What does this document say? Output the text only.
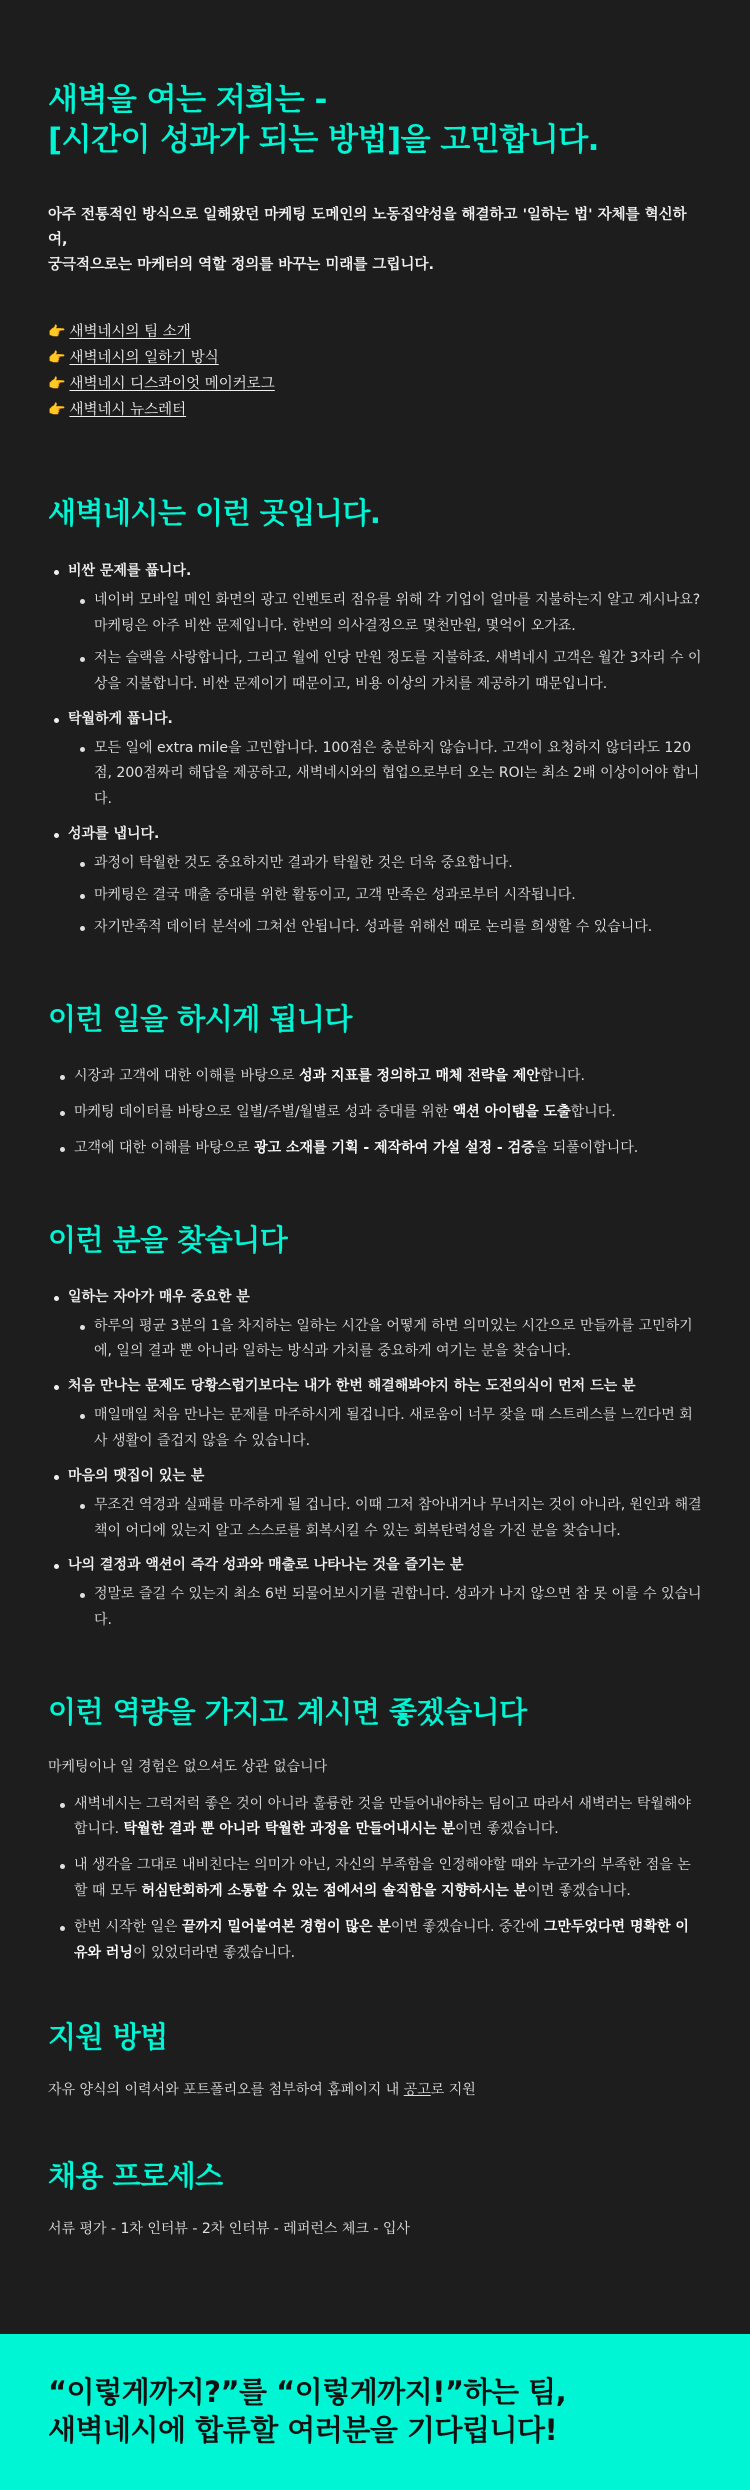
새벽을 여는 저희는 -
[시간이 성과가 되는 방법]을 고민합니다.

아주 전통적인 방식으로 일해왔던 마케팅 도메인의 노동집약성을 해결하고 '일하는 법' 자체를 혁신하여,
궁극적으로는 마케터의 역할 정의를 바꾸는 미래를 그립니다.

👉 새벽네시의 팀 소개
👉 새벽네시의 일하기 방식
👉 새벽네시 디스콰이엇 메이커로그
👉 새벽네시 뉴스레터
새벽네시는 이런 곳입니다.
비싼 문제를 풉니다.
네이버 모바일 메인 화면의 광고 인벤토리 점유를 위해 각 기업이 얼마를 지불하는지 알고 계시나요? 마케팅은 아주 비싼 문제입니다. 한번의 의사결정으로 몇천만원, 몇억이 오가죠.
저는 슬랙을 사랑합니다, 그리고 월에 인당 만원 정도를 지불하죠. 새벽네시 고객은 월간 3자리 수 이상을 지불합니다. 비싼 문제이기 때문이고, 비용 이상의 가치를 제공하기 때문입니다.
탁월하게 풉니다.
모든 일에 extra mile을 고민합니다. 100점은 충분하지 않습니다. 고객이 요청하지 않더라도 120점, 200점짜리 해답을 제공하고, 새벽네시와의 협업으로부터 오는 ROI는 최소 2배 이상이어야 합니다.
성과를 냅니다.
과정이 탁월한 것도 중요하지만 결과가 탁월한 것은 더욱 중요합니다.
마케팅은 결국 매출 증대를 위한 활동이고, 고객 만족은 성과로부터 시작됩니다.
자기만족적 데이터 분석에 그쳐선 안됩니다. 성과를 위해선 때로 논리를 희생할 수 있습니다.
이런 일을 하시게 됩니다
시장과 고객에 대한 이해를 바탕으로 성과 지표를 정의하고 매체 전략을 제안합니다.
마케팅 데이터를 바탕으로 일별/주별/월별로 성과 증대를 위한 액션 아이템을 도출합니다.
고객에 대한 이해를 바탕으로 광고 소재를 기획 - 제작하여 가설 설정 - 검증을 되풀이합니다.
이런 분을 찾습니다
일하는 자아가 매우 중요한 분
하루의 평균 3분의 1을 차지하는 일하는 시간을 어떻게 하면 의미있는 시간으로 만들까를 고민하기에, 일의 결과 뿐 아니라 일하는 방식과 가치를 중요하게 여기는 분을 찾습니다.
처음 만나는 문제도 당황스럽기보다는 내가 한번 해결해봐야지 하는 도전의식이 먼저 드는 분
매일매일 처음 만나는 문제를 마주하시게 될겁니다. 새로움이 너무 잦을 때 스트레스를 느낀다면 회사 생활이 즐겁지 않을 수 있습니다.
마음의 맷집이 있는 분
무조건 역경과 실패를 마주하게 될 겁니다. 이때 그저 참아내거나 무너지는 것이 아니라, 원인과 해결책이 어디에 있는지 알고 스스로를 회복시킬 수 있는 회복탄력성을 가진 분을 찾습니다.
나의 결정과 액션이 즉각 성과와 매출로 나타나는 것을 즐기는 분
정말로 즐길 수 있는지 최소 6번 되물어보시기를 권합니다. 성과가 나지 않으면 참 못 이룰 수 있습니다.
이런 역량을 가지고 계시면 좋겠습니다

마케팅이나 일 경험은 없으셔도 상관 없습니다

새벽네시는 그럭저럭 좋은 것이 아니라 훌륭한 것을 만들어내야하는 팀이고 따라서 새벽러는 탁월해야합니다. 탁월한 결과 뿐 아니라 탁월한 과정을 만들어내시는 분이면 좋겠습니다.
내 생각을 그대로 내비친다는 의미가 아닌, 자신의 부족함을 인정해야할 때와 누군가의 부족한 점을 논할 때 모두 허심탄회하게 소통할 수 있는 점에서의 솔직함을 지향하시는 분이면 좋겠습니다.
한번 시작한 일은 끝까지 밀어붙여본 경험이 많은 분이면 좋겠습니다. 중간에 그만두었다면 명확한 이유와 러닝이 있었더라면 좋겠습니다.
지원 방법

자유 양식의 이력서와 포트폴리오를 첨부하여 홈페이지 내 공고로 지원

채용 프로세스

서류 평가 - 1차 인터뷰 - 2차 인터뷰 - 레퍼런스 체크 - 입사

“이렇게까지?”를 “이렇게까지!”하는 팀,
새벽네시에 합류할 여러분을 기다립니다!
